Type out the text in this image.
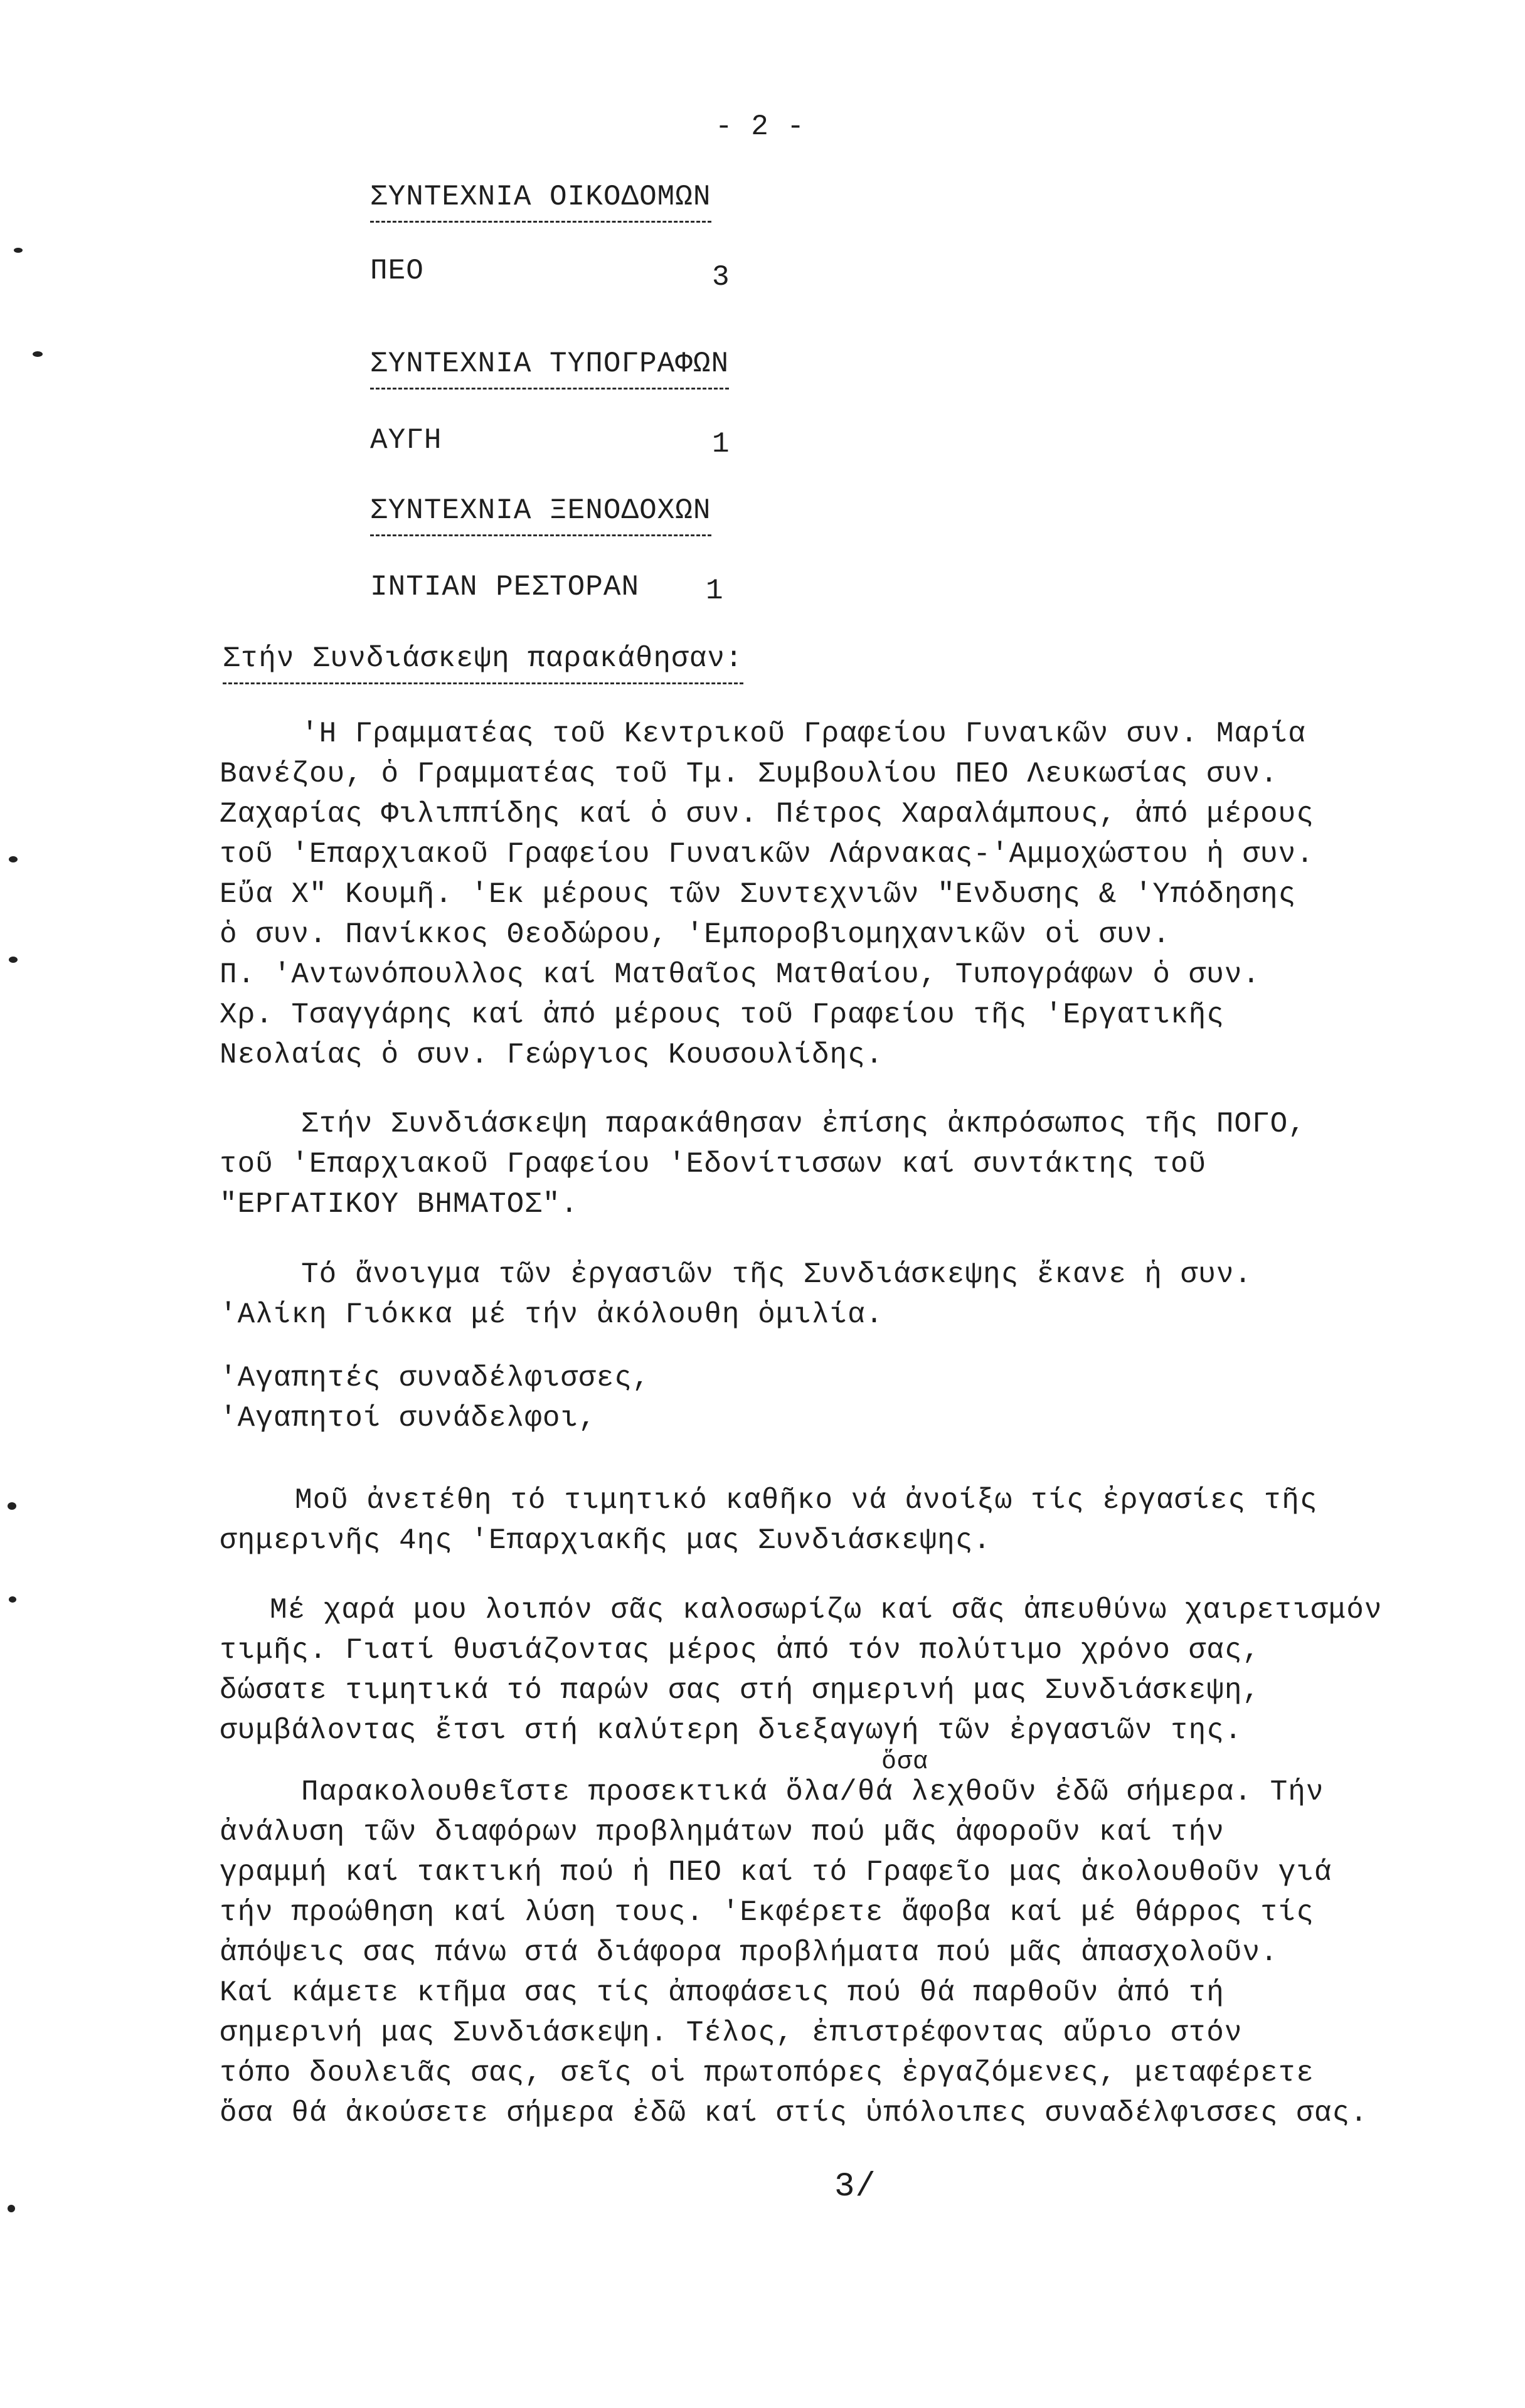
- 2 -
ΣΥΝΤΕΧΝΙΑ ΟΙΚΟΔΟΜΩΝ
ΠΕΟ	3
ΣΥΝΤΕΧΝΙΑ ΤΥΠΟΓΡΑΦΩΝ
ΑΥΓΗ	1
ΣΥΝΤΕΧΝΙΑ ΞΕΝΟΔΟΧΩΝ
ΙΝΤΙΑΝ ΡΕΣΤΟΡΑΝ 1
Στήν Συνδιάσκεψη παρακάθησαν:
'Η Γραμματέας τοῦ Κεντρικοῦ Γραφείου Γυναικῶν συν. Μαρία
Βανέζου, ὁ Γραμματέας τοῦ Τμ. Συμβουλίου ΠΕΟ Λευκωσίας συν.
Ζαχαρίας Φιλιππίδης καί ὁ συν. Πέτρος Χαραλάμπους, ἀπό μέρους
τοῦ 'Επαρχιακοῦ Γραφείου Γυναικῶν Λάρνακας-'Αμμοχώστου ἡ συν.
Εὔα Χ" Κουμῆ. 'Εκ μέρους τῶν Συντεχνιῶν "Ενδυσης & 'Υπόδησης
ὁ συν. Πανίκκος Θεοδώρου, 'Εμποροβιομηχανικῶν οἱ συν.
Π. 'Αντωνόπουλλος καί Ματθαῖος Ματθαίου, Τυπογράφων ὁ συν.
Χρ. Τσαγγάρης καί ἀπό μέρους τοῦ Γραφείου τῆς 'Εργατικῆς
Νεολαίας ὁ συν. Γεώργιος Κουσουλίδης.
Στήν Συνδιάσκεψη παρακάθησαν ἐπίσης ἀκπρόσωπος τῆς ΠΟΓΟ,
τοῦ 'Επαρχιακοῦ Γραφείου 'Εδονίτισσων καί συντάκτης τοῦ
"ΕΡΓΑΤΙΚΟΥ ΒΗΜΑΤΟΣ".
Τό ἄνοιγμα τῶν ἐργασιῶν τῆς Συνδιάσκεψης ἔκανε ἡ συν.
'Αλίκη Γιόκκα μέ τήν ἀκόλουθη ὁμιλία.
'Αγαπητές συναδέλφισσες,
'Αγαπητοί συνάδελφοι,
Μοῦ ἀνετέθη τό τιμητικό καθῆκο νά ἀνοίξω τίς ἐργασίες τῆς
σημερινῆς 4ης 'Επαρχιακῆς μας Συνδιάσκεψης.
Μέ χαρά μου λοιπόν σᾶς καλοσωρίζω καί σᾶς ἀπευθύνω χαιρετισμόν
τιμῆς. Γιατί θυσιάζοντας μέρος ἀπό τόν πολύτιμο χρόνο σας,
δώσατε τιμητικά τό παρών σας στή σημερινή μας Συνδιάσκεψη,
συμβάλοντας ἔτσι στή καλύτερη διεξαγωγή τῶν ἐργασιῶν της.
ὅσα
Παρακολουθεῖστε προσεκτικά ὅλα/θά λεχθοῦν ἐδῶ σήμερα. Τήν
ἀνάλυση τῶν διαφόρων προβλημάτων πού μᾶς ἀφοροῦν καί τήν
γραμμή καί τακτική πού ἡ ΠΕΟ καί τό Γραφεῖο μας ἀκολουθοῦν γιά
τήν προώθηση καί λύση τους. 'Εκφέρετε ἄφοβα καί μέ θάρρος τίς
ἀπόψεις σας πάνω στά διάφορα προβλήματα πού μᾶς ἀπασχολοῦν.
Καί κάμετε κτῆμα σας τίς ἀποφάσεις πού θά παρθοῦν ἀπό τή
σημερινή μας Συνδιάσκεψη. Τέλος, ἐπιστρέφοντας αὔριο στόν
τόπο δουλειᾶς σας, σεῖς οἱ πρωτοπόρες ἐργαζόμενες, μεταφέρετε
ὅσα θά ἀκούσετε σήμερα ἐδῶ καί στίς ὑπόλοιπες συναδέλφισσες σας.
3/
